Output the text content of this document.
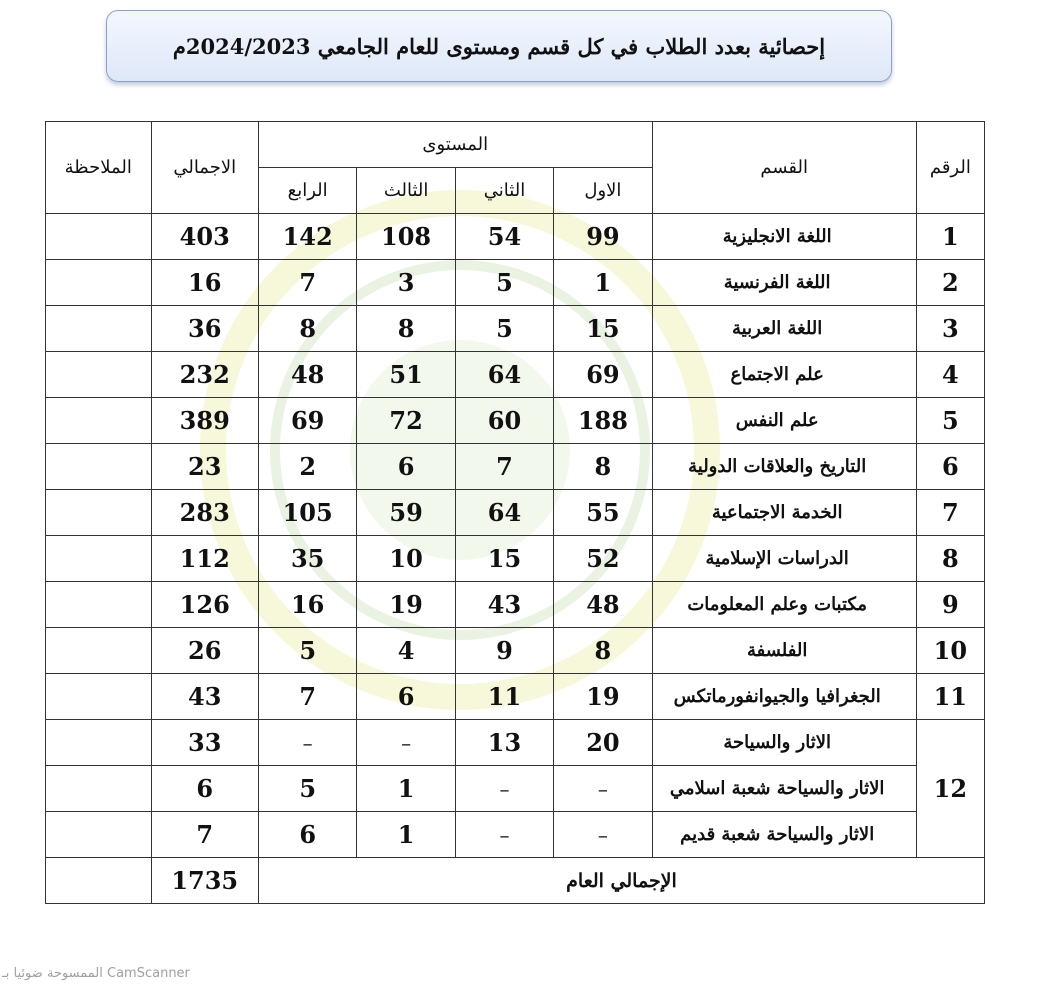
إحصائية بعدد الطلاب في كل قسم ومستوى للعام الجامعي 2024/2023م
الرقم	القسم	المستوى				الاجمالي	الملاحظة
		الاول	الثاني	الثالث	الرابع		
1	اللغة الانجليزية	99	54	108	142	403	
2	اللغة الفرنسية	1	5	3	7	16	
3	اللغة العربية	15	5	8	8	36	
4	علم الاجتماع	69	64	51	48	232	
5	علم النفس	188	60	72	69	389	
6	التاريخ والعلاقات الدولية	8	7	6	2	23	
7	الخدمة الاجتماعية	55	64	59	105	283	
8	الدراسات الإسلامية	52	15	10	35	112	
9	مكتبات وعلم المعلومات	48	43	19	16	126	
10	الفلسفة	8	9	4	5	26	
11	الجغرافيا والجيوانفورماتكس	19	11	6	7	43	
12	الاثار والسياحة	20	13	–	–	33	
	الاثار والسياحة شعبة اسلامي	–	–	1	5	6	
	الاثار والسياحة شعبة قديم	–	–	1	6	7	
الإجمالي العام						1735	
الممسوحة ضوئيا بـ CamScanner
